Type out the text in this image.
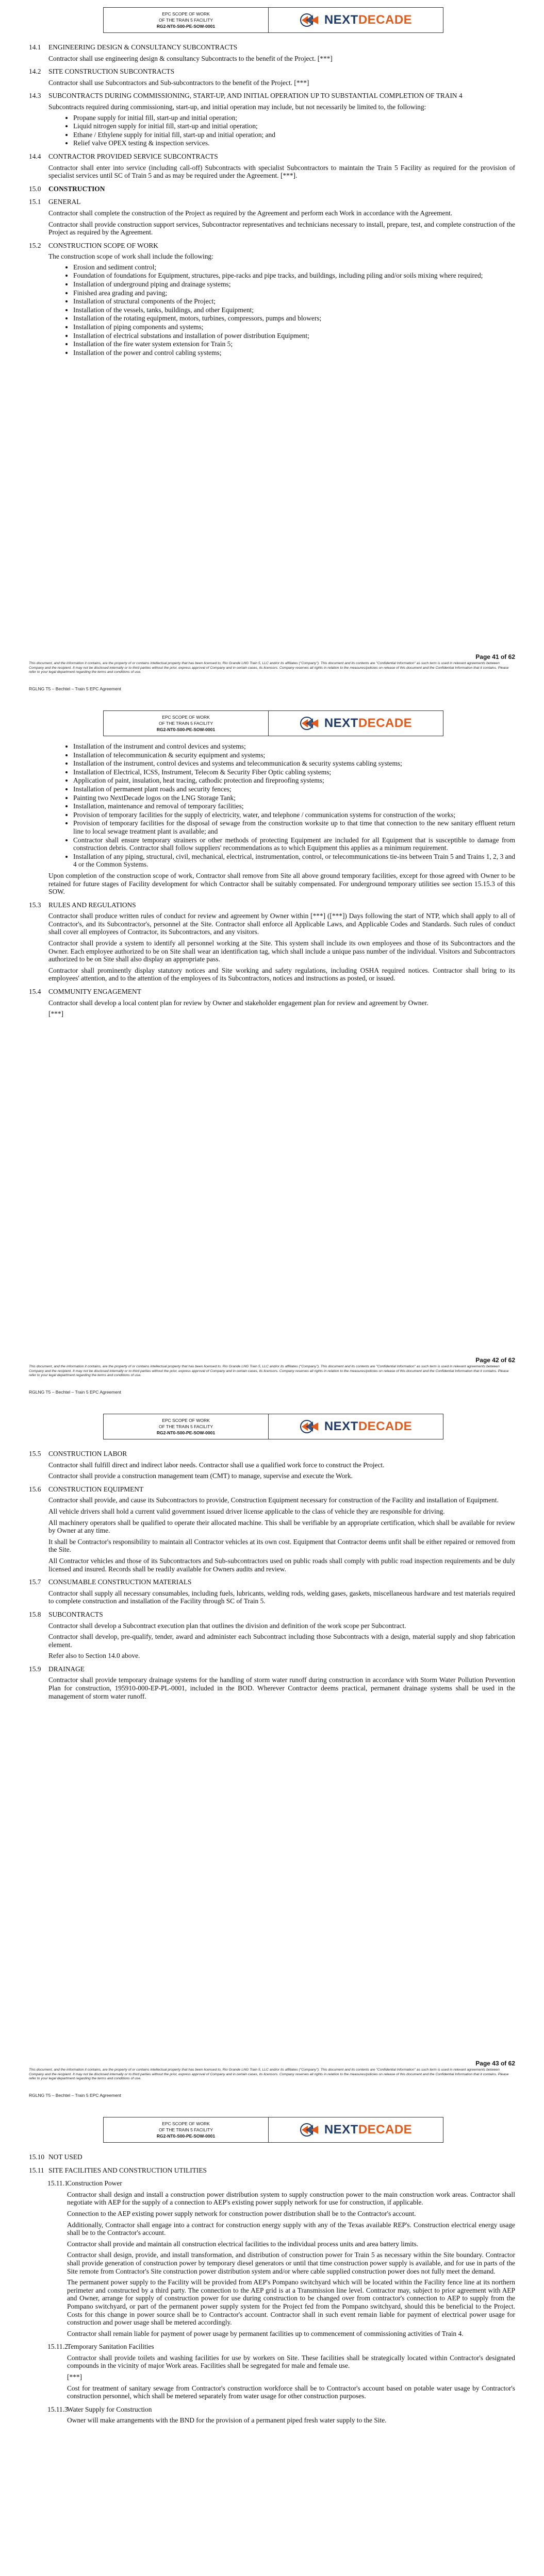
EPC SCOPE OF WORK
OF THE TRAIN 5 FACILITY
RG2-NT0-S00-PE-SOW-0001	NEXTDECADE
14.1	ENGINEERING DESIGN & CONSULTANCY SUBCONTRACTS

Contractor shall use engineering design & consultancy Subcontracts to the benefit of the Project. [***]

14.2	SITE CONSTRUCTION SUBCONTRACTS

Contractor shall use Subcontractors and Sub-subcontractors to the benefit of the Project. [***]

14.3	SUBCONTRACTS DURING COMMISSIONING, START-UP, AND INITIAL OPERATION UP TO SUBSTANTIAL COMPLETION OF TRAIN 4

Subcontracts required during commissioning, start-up, and initial operation may include, but not necessarily be limited to, the following:

• Propane supply for initial fill, start-up and initial operation;
• Liquid nitrogen supply for initial fill, start-up and initial operation;
• Ethane / Ethylene supply for initial fill, start-up and initial operation; and
• Relief valve OPEX testing & inspection services.
14.4	CONTRACTOR PROVIDED SERVICE SUBCONTRACTS

Contractor shall enter into service (including call-off) Subcontracts with specialist Subcontractors to maintain the Train 5 Facility as required for the provision of specialist services until SC of Train 5 and as may be required under the Agreement. [***].

15.0	CONSTRUCTION
15.1	GENERAL

Contractor shall complete the construction of the Project as required by the Agreement and perform each Work in accordance with the Agreement.

Contractor shall provide construction support services, Subcontractor representatives and technicians necessary to install, prepare, test, and complete construction of the Project as required by the Agreement.

15.2	CONSTRUCTION SCOPE OF WORK

The construction scope of work shall include the following:

• Erosion and sediment control;
• Foundation of foundations for Equipment, structures, pipe-racks and pipe tracks, and buildings, including piling and/or soils mixing where required;
• Installation of underground piping and drainage systems;
• Finished area grading and paving;
• Installation of structural components of the Project;
• Installation of the vessels, tanks, buildings, and other Equipment;
• Installation of the rotating equipment, motors, turbines, compressors, pumps and blowers;
• Installation of piping components and systems;
• Installation of electrical substations and installation of power distribution Equipment;
• Installation of the fire water system extension for Train 5;
• Installation of the power and control cabling systems;
Page 41 of 62
This document, and the information it contains, are the property of or contains intellectual property that has been licensed to, Rio Grande LNG Train 5, LLC and/or its affiliates ("Company"). This document and its contents are "Confidential Information" as such term is used in relevant agreements between Company and the recipient. It may not be disclosed internally or to third parties without the prior, express approval of Company and in certain cases, its licensors. Company reserves all rights in relation to the measures/policies on release of this document and the Confidential Information that it contains. Please refer to your legal department regarding the terms and conditions of use.
RGLNG T5 – Bechtel – Train 5 EPC Agreement
EPC SCOPE OF WORK
OF THE TRAIN 5 FACILITY
RG2-NT0-S00-PE-SOW-0001	NEXTDECADE
• Installation of the instrument and control devices and systems;
• Installation of telecommunication & security equipment and systems;
• Installation of the instrument, control devices and systems and telecommunication & security systems cabling systems;
• Installation of Electrical, ICSS, Instrument, Telecom & Security Fiber Optic cabling systems;
• Application of paint, insulation, heat tracing, cathodic protection and fireproofing systems;
• Installation of permanent plant roads and security fences;
• Painting two NextDecade logos on the LNG Storage Tank;
• Installation, maintenance and removal of temporary facilities;
• Provision of temporary facilities for the supply of electricity, water, and telephone / communication systems for construction of the works;
• Provision of temporary facilities for the disposal of sewage from the construction worksite up to that time that connection to the new sanitary effluent return line to local sewage treatment plant is available; and
• Contractor shall ensure temporary strainers or other methods of protecting Equipment are included for all Equipment that is susceptible to damage from construction debris. Contractor shall follow suppliers' recommendations as to which Equipment this applies as a minimum requirement.
• Installation of any piping, structural, civil, mechanical, electrical, instrumentation, control, or telecommunications tie-ins between Train 5 and Trains 1, 2, 3 and 4 or the Common Systems.

Upon completion of the construction scope of work, Contractor shall remove from Site all above ground temporary facilities, except for those agreed with Owner to be retained for future stages of Facility development for which Contractor shall be suitably compensated. For underground temporary utilities see section 15.15.3 of this SOW.

15.3	RULES AND REGULATIONS

Contractor shall produce written rules of conduct for review and agreement by Owner within [***] ([***]) Days following the start of NTP, which shall apply to all of Contractor's, and its Subcontractor's, personnel at the Site. Contractor shall enforce all Applicable Laws, and Applicable Codes and Standards. Such rules of conduct shall cover all employees of Contractor, its Subcontractors, and any visitors.

Contractor shall provide a system to identify all personnel working at the Site. This system shall include its own employees and those of its Subcontractors and the Owner. Each employee authorized to be on Site shall wear an identification tag, which shall include a unique pass number of the individual. Visitors and Subcontractors authorized to be on Site shall also display an appropriate pass.

Contractor shall prominently display statutory notices and Site working and safety regulations, including OSHA required notices. Contractor shall bring to its employees' attention, and to the attention of the employees of its Subcontractors, notices and instructions as posted, or issued.

15.4	COMMUNITY ENGAGEMENT

Contractor shall develop a local content plan for review by Owner and stakeholder engagement plan for review and agreement by Owner.

[***]

Page 42 of 62
This document, and the information it contains, are the property of or contains intellectual property that has been licensed to, Rio Grande LNG Train 5, LLC and/or its affiliates ("Company"). This document and its contents are "Confidential Information" as such term is used in relevant agreements between Company and the recipient. It may not be disclosed internally or to third parties without the prior, express approval of Company and in certain cases, its licensors. Company reserves all rights in relation to the measures/policies on release of this document and the Confidential Information that it contains. Please refer to your legal department regarding the terms and conditions of use.
RGLNG T5 – Bechtel – Train 5 EPC Agreement
EPC SCOPE OF WORK
OF THE TRAIN 5 FACILITY
RG2-NT0-S00-PE-SOW-0001	NEXTDECADE
15.5	CONSTRUCTION LABOR

Contractor shall fulfill direct and indirect labor needs. Contractor shall use a qualified work force to construct the Project.

Contractor shall provide a construction management team (CMT) to manage, supervise and execute the Work.

15.6	CONSTRUCTION EQUIPMENT

Contractor shall provide, and cause its Subcontractors to provide, Construction Equipment necessary for construction of the Facility and installation of Equipment.

All vehicle drivers shall hold a current valid government issued driver license applicable to the class of vehicle they are responsible for driving.

All machinery operators shall be qualified to operate their allocated machine. This shall be verifiable by an appropriate certification, which shall be available for review by Owner at any time.

It shall be Contractor's responsibility to maintain all Contractor vehicles at its own cost. Equipment that Contractor deems unfit shall be either repaired or removed from the Site.

All Contractor vehicles and those of its Subcontractors and Sub-subcontractors used on public roads shall comply with public road inspection requirements and be duly licensed and insured. Records shall be readily available for Owners audits and review.

15.7	CONSUMABLE CONSTRUCTION MATERIALS

Contractor shall supply all necessary consumables, including fuels, lubricants, welding rods, welding gases, gaskets, miscellaneous hardware and test materials required to complete construction and installation of the Facility through SC of Train 5.

15.8	SUBCONTRACTS

Contractor shall develop a Subcontract execution plan that outlines the division and definition of the work scope per Subcontract.

Contractor shall develop, pre-qualify, tender, award and administer each Subcontract including those Subcontracts with a design, material supply and shop fabrication element.

Refer also to Section 14.0 above.

15.9	DRAINAGE

Contractor shall provide temporary drainage systems for the handling of storm water runoff during construction in accordance with Storm Water Pollution Prevention Plan for construction, 195910-000-EP-PL-0001, included in the BOD. Wherever Contractor deems practical, permanent drainage systems shall be used in the management of storm water runoff.

Page 43 of 62
This document, and the information it contains, are the property of or contains intellectual property that has been licensed to, Rio Grande LNG Train 5, LLC and/or its affiliates ("Company"). This document and its contents are "Confidential Information" as such term is used in relevant agreements between Company and the recipient. It may not be disclosed internally or to third parties without the prior, express approval of Company and in certain cases, its licensors. Company reserves all rights in relation to the measures/policies on release of this document and the Confidential Information that it contains. Please refer to your legal department regarding the terms and conditions of use.
RGLNG T5 – Bechtel – Train 5 EPC Agreement
EPC SCOPE OF WORK
OF THE TRAIN 5 FACILITY
RG2-NT0-S00-PE-SOW-0001	NEXTDECADE
15.10 NOT USED
15.11 SITE FACILITIES AND CONSTRUCTION UTILITIES
15.11.1
Construction Power

Contractor shall design and install a construction power distribution system to supply construction power to the main construction work areas. Contractor shall negotiate with AEP for the supply of a connection to AEP's existing power supply network for use for construction, if applicable.

Connection to the AEP existing power supply network for construction power distribution shall be to the Contractor's account.

Additionally, Contractor shall engage into a contract for construction energy supply with any of the Texas available REP's. Construction electrical energy usage shall be to the Contractor's account.

Contractor shall provide and maintain all construction electrical facilities to the individual process units and area battery limits.

Contractor shall design, provide, and install transformation, and distribution of construction power for Train 5 as necessary within the Site boundary. Contractor shall provide generation of construction power by temporary diesel generators or until that time construction power supply is available, and for use in parts of the Site remote from Contractor's Site construction power distribution system and/or where cable supplied construction power does not fully meet the demand.

The permanent power supply to the Facility will be provided from AEP's Pompano switchyard which will be located within the Facility fence line at its northern perimeter and constructed by a third party. The connection to the AEP grid is at a Transmission line level. Contractor may, subject to prior agreement with AEP and Owner, arrange for supply of construction power for use during construction to be changed over from contractor's connection to AEP to supply from the Pompano switchyard, or part of the permanent power supply system for the Project fed from the Pompano switchyard, should this be beneficial to the Project. Costs for this change in power source shall be to Contractor's account. Contractor shall in such event remain liable for payment of electrical power usage for construction and power usage shall be metered accordingly.

Contractor shall remain liable for payment of power usage by permanent facilities up to commencement of commissioning activities of Train 4.

15.11.2
Temporary Sanitation Facilities

Contractor shall provide toilets and washing facilities for use by workers on Site. These facilities shall be strategically located within Contractor's designated compounds in the vicinity of major Work areas. Facilities shall be segregated for male and female use.

[***]

Cost for treatment of sanitary sewage from Contractor's construction workforce shall be to Contractor's account based on potable water usage by Contractor's construction personnel, which shall be metered separately from water usage for other construction purposes.

15.11.3
Water Supply for Construction

Owner will make arrangements with the BND for the provision of a permanent piped fresh water supply to the Site.
